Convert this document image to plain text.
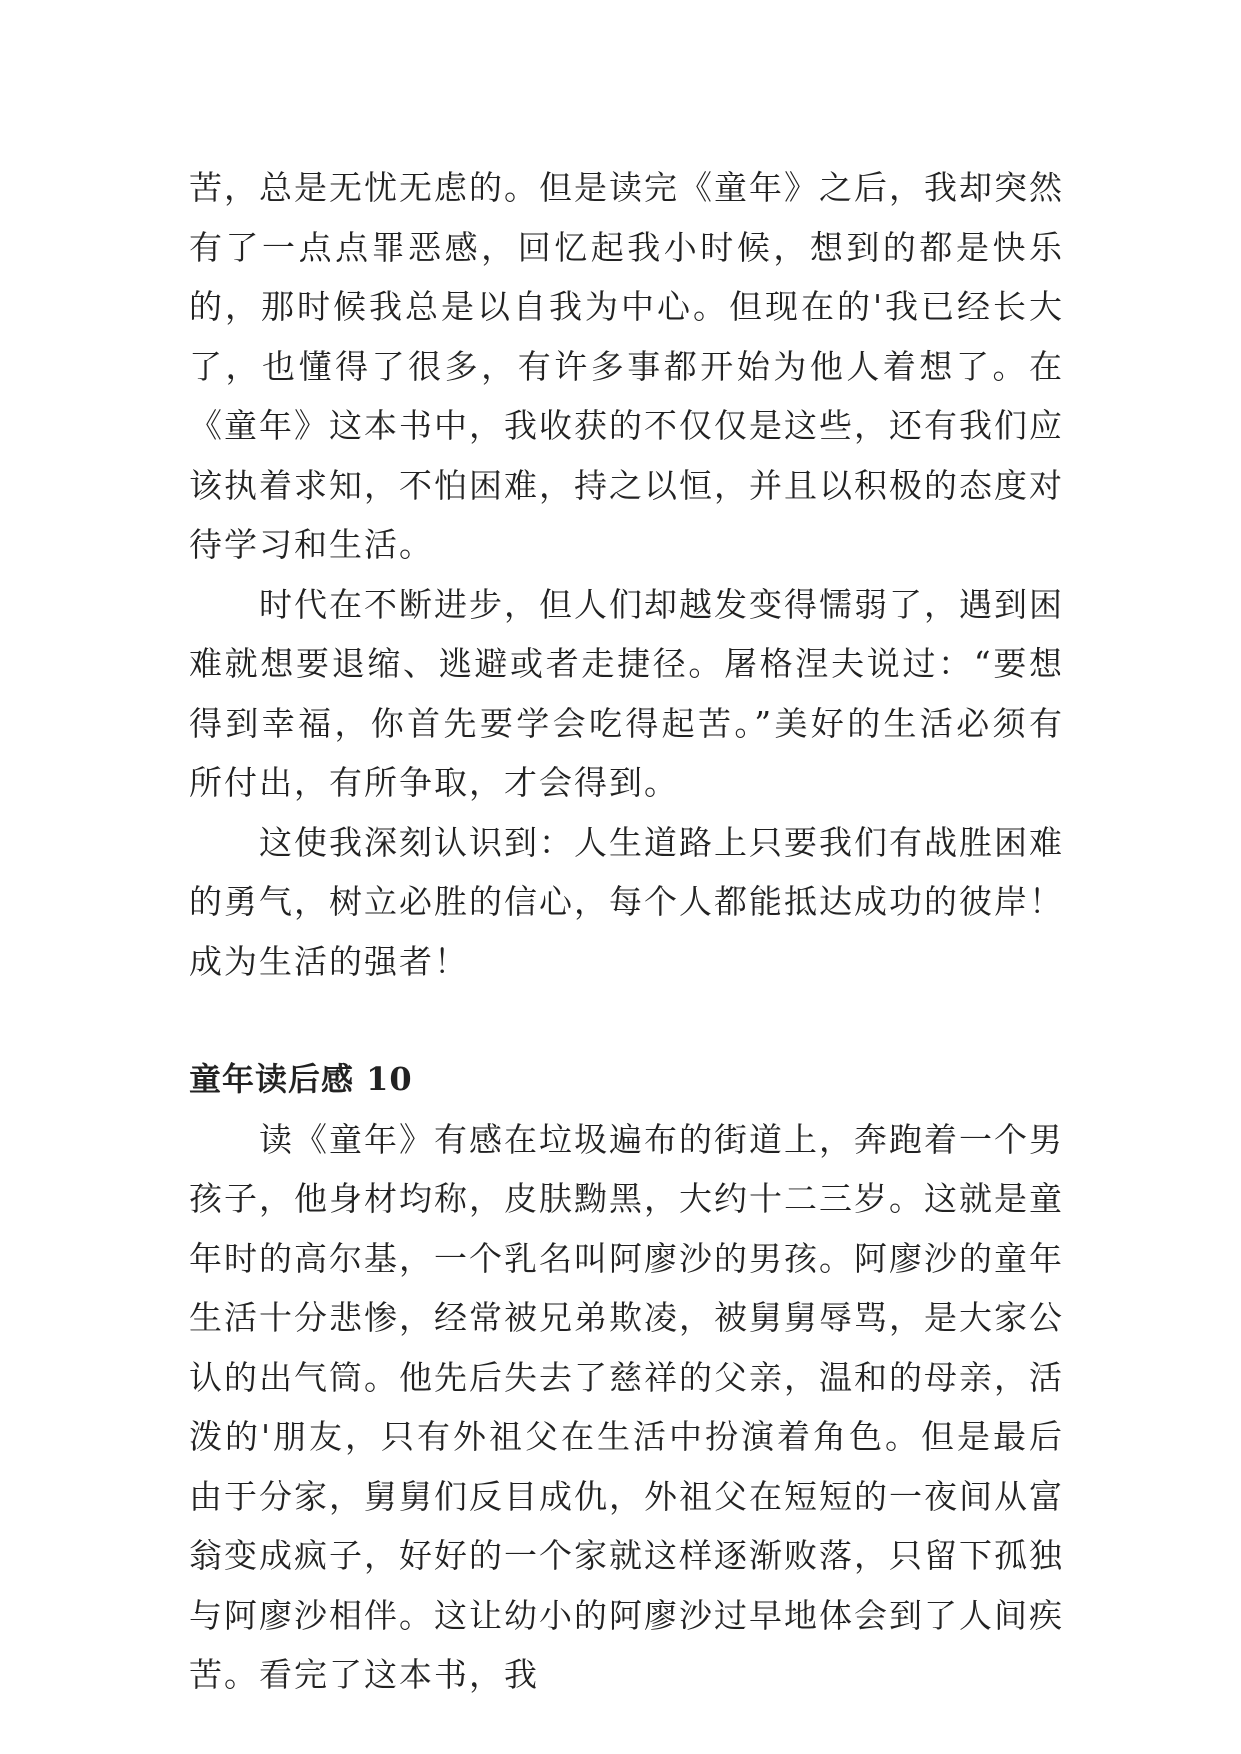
苦，总是无忧无虑的。但是读完《童年》之后，我却突然有了一点点罪恶感，回忆起我小时候，想到的都是快乐的，那时候我总是以自我为中心。但现在的'我已经长大了，也懂得了很多，有许多事都开始为他人着想了。在《童年》这本书中，我收获的不仅仅是这些，还有我们应该执着求知，不怕困难，持之以恒，并且以积极的态度对待学习和生活。

时代在不断进步，但人们却越发变得懦弱了，遇到困难就想要退缩、逃避或者走捷径。屠格涅夫说过：“要想得到幸福，你首先要学会吃得起苦。”美好的生活必须有所付出，有所争取，才会得到。

这使我深刻认识到：人生道路上只要我们有战胜困难的勇气，树立必胜的信心，每个人都能抵达成功的彼岸！成为生活的强者！

童年读后感 10

读《童年》有感在垃圾遍布的街道上，奔跑着一个男孩子，他身材均称，皮肤黝黑，大约十二三岁。这就是童年时的高尔基，一个乳名叫阿廖沙的男孩。阿廖沙的童年生活十分悲惨，经常被兄弟欺凌，被舅舅辱骂，是大家公认的出气筒。他先后失去了慈祥的父亲，温和的母亲，活泼的'朋友，只有外祖父在生活中扮演着角色。但是最后由于分家，舅舅们反目成仇，外祖父在短短的一夜间从富翁变成疯子，好好的一个家就这样逐渐败落，只留下孤独与阿廖沙相伴。这让幼小的阿廖沙过早地体会到了人间疾苦。看完了这本书，我
